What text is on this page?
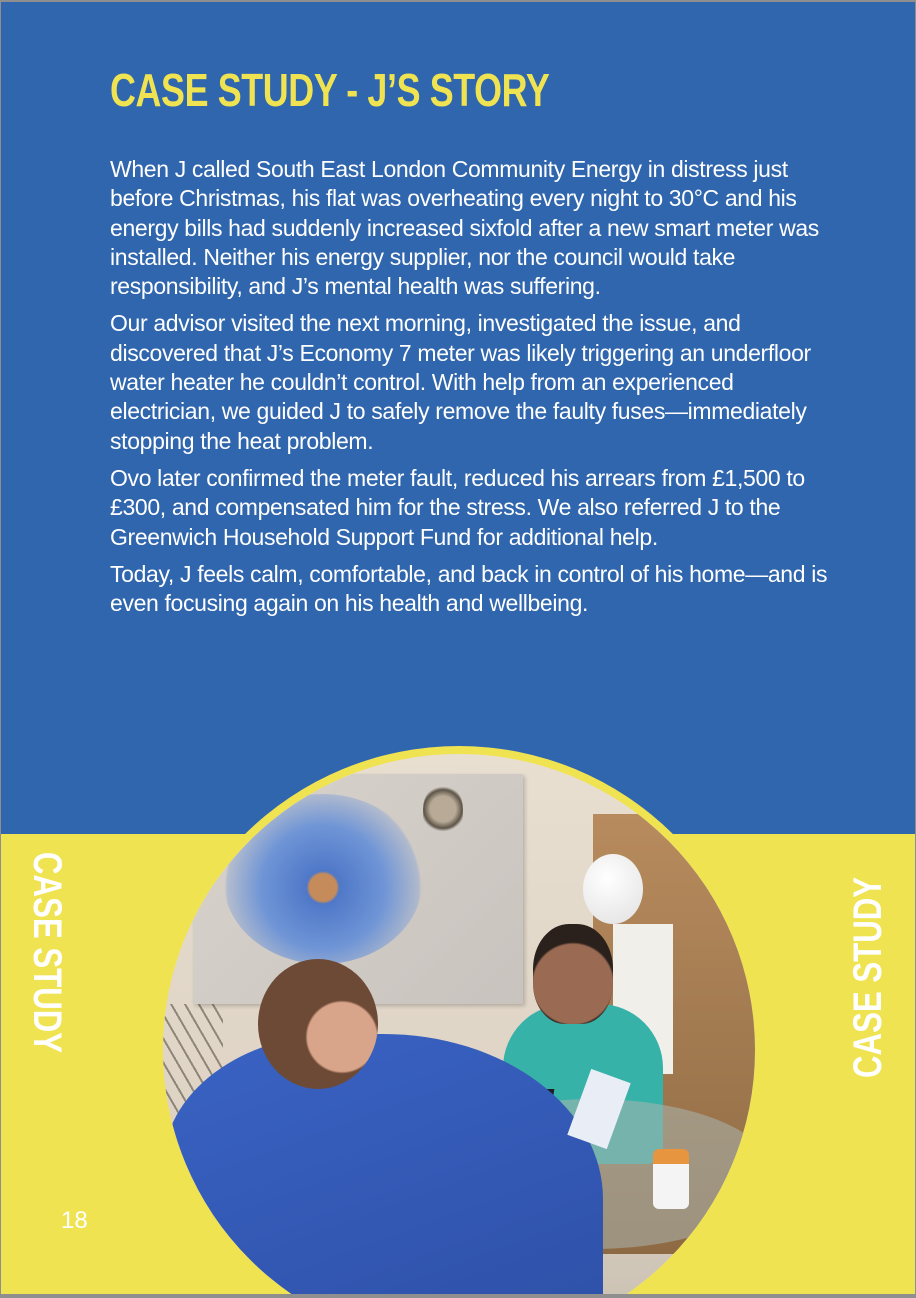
CASE STUDY - J’S STORY

When J called South East London Community Energy in distress just before Christmas, his flat was overheating every night to 30°C and his energy bills had suddenly increased sixfold after a new smart meter was installed. Neither his energy supplier, nor the council would take responsibility, and J’s mental health was suffering.

Our advisor visited the next morning, investigated the issue, and discovered that J’s Economy 7 meter was likely triggering an underfloor water heater he couldn’t control. With help from an experienced electrician, we guided J to safely remove the faulty fuses—immediately stopping the heat problem.

Ovo later confirmed the meter fault, reduced his arrears from £1,500 to £300, and compensated him for the stress. We also referred J to the Greenwich Household Support Fund for additional help.

Today, J feels calm, comfortable, and back in control of his home—and is even focusing again on his health and wellbeing.

CASE STUDY	CASE STUDY
18
